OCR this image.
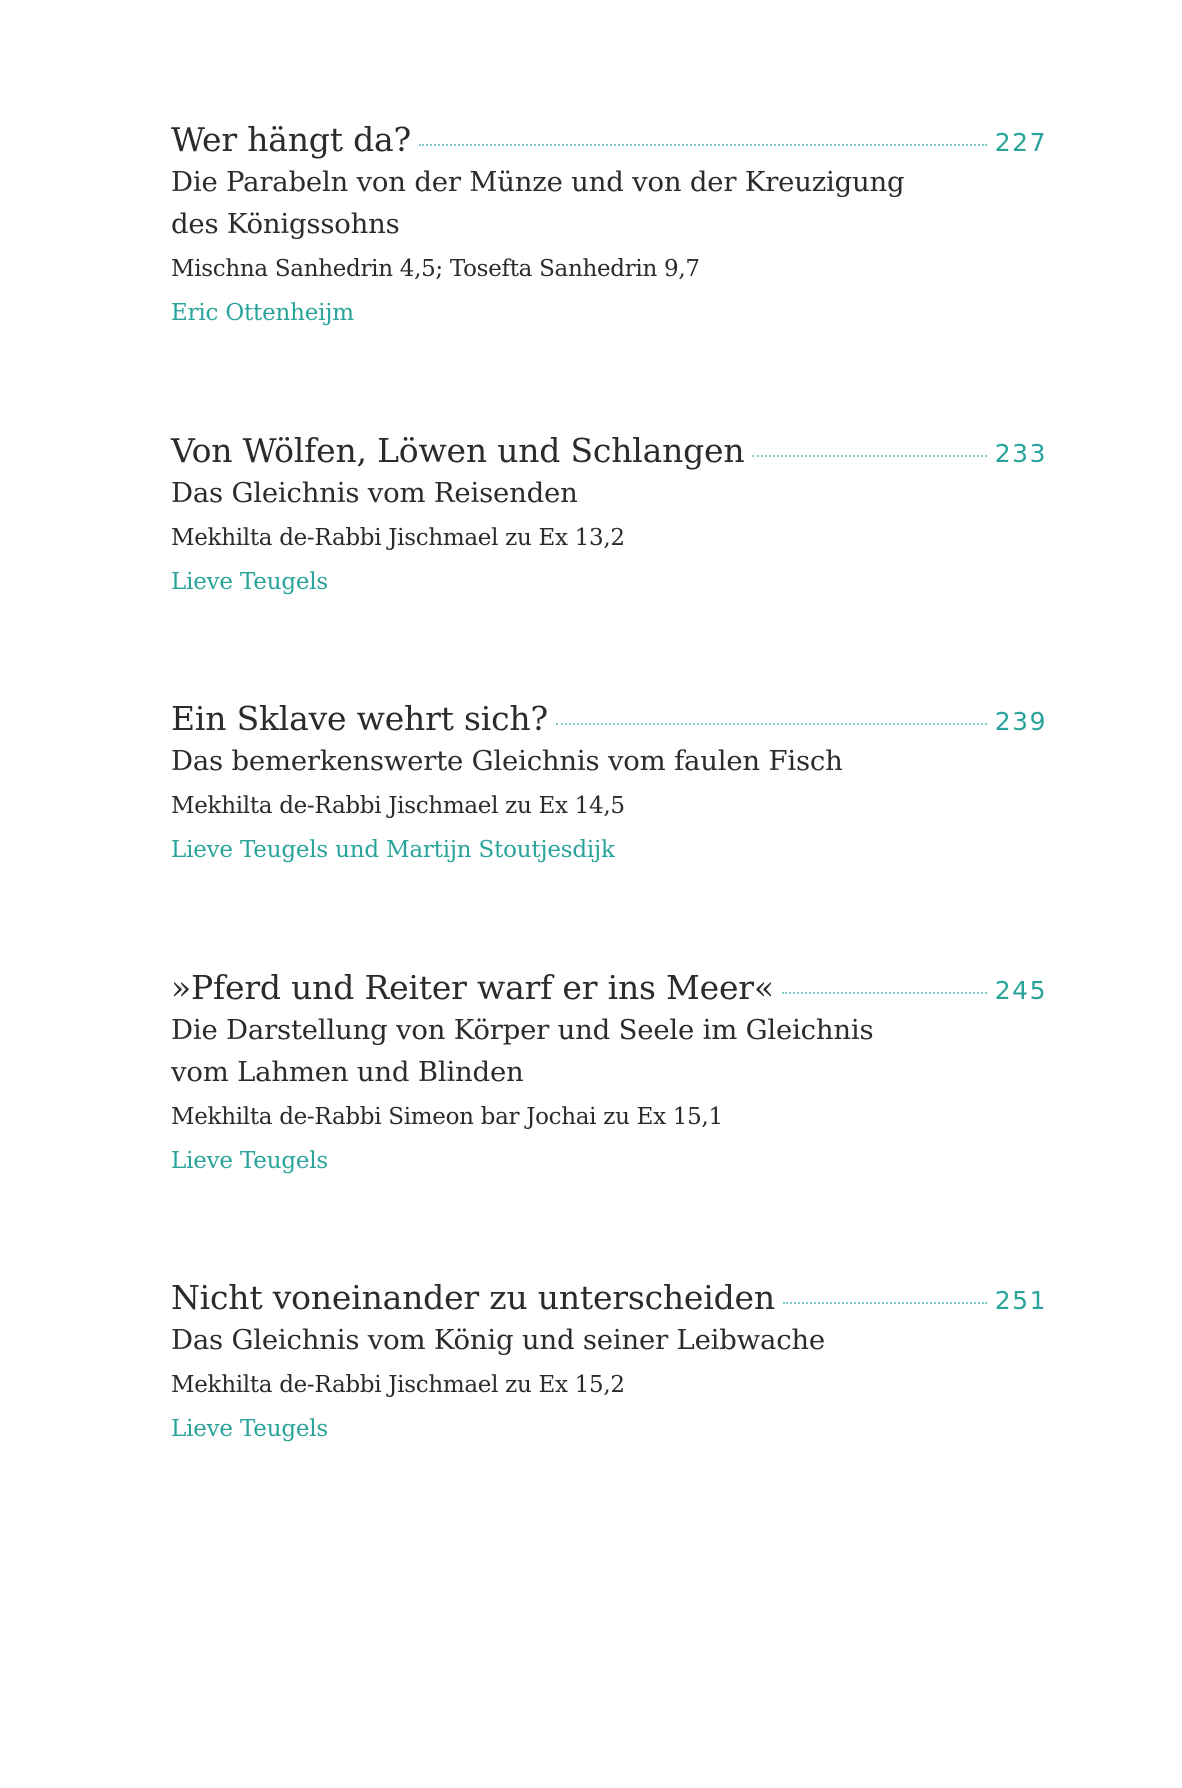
Wer hängt da?	227
Die Parabeln von der Münze und von der Kreuzigung des Königssohns
Mischna Sanhedrin 4,5; Tosefta Sanhedrin 9,7
Eric Ottenheijm
Von Wölfen, Löwen und Schlangen	233
Das Gleichnis vom Reisenden
Mekhilta de-Rabbi Jischmael zu Ex 13,2
Lieve Teugels
Ein Sklave wehrt sich?	239
Das bemerkenswerte Gleichnis vom faulen Fisch
Mekhilta de-Rabbi Jischmael zu Ex 14,5
Lieve Teugels und Martijn Stoutjesdijk
»Pferd und Reiter warf er ins Meer«	245
Die Darstellung von Körper und Seele im Gleichnis vom Lahmen und Blinden
Mekhilta de-Rabbi Simeon bar Jochai zu Ex 15,1
Lieve Teugels
Nicht voneinander zu unterscheiden	251
Das Gleichnis vom König und seiner Leibwache
Mekhilta de-Rabbi Jischmael zu Ex 15,2
Lieve Teugels
